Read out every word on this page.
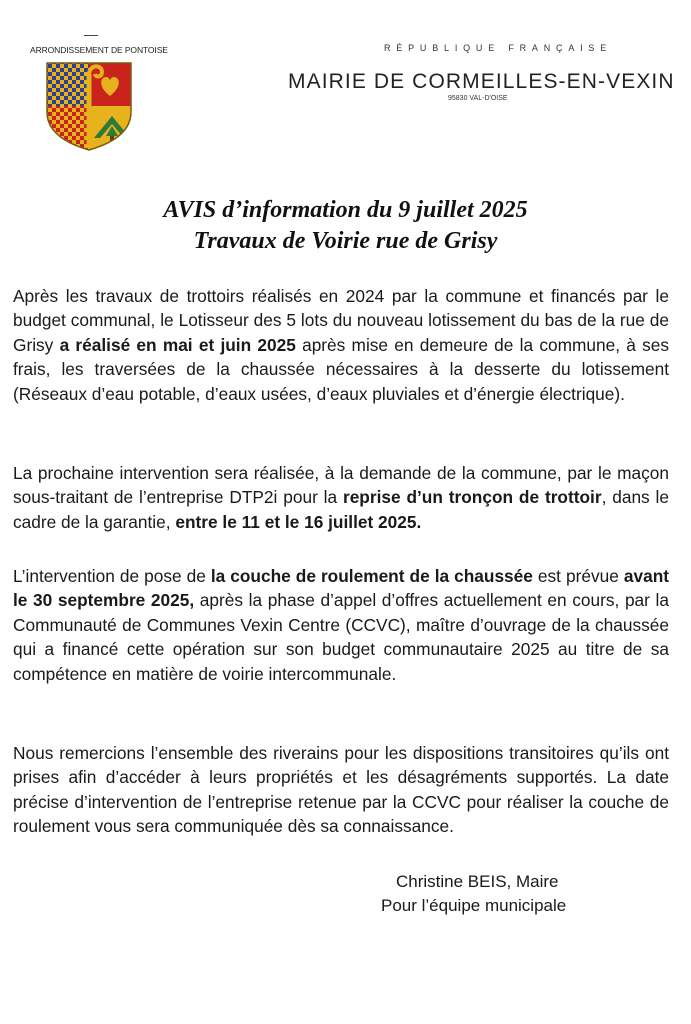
ARRONDISSEMENT DE PONTOISE	RÉPUBLIQUE FRANÇAISE
MAIRIE DE CORMEILLES-EN-VEXIN
95830 VAL-D'OISE
AVIS d’information du 9 juillet 2025
Travaux de Voirie rue de Grisy
Après les travaux de trottoirs réalisés en 2024 par la commune et financés par le budget communal, le Lotisseur des 5 lots du nouveau lotissement du bas de la rue de Grisy a réalisé en mai et juin 2025 après mise en demeure de la commune, à ses frais, les traversées de la chaussée nécessaires à la desserte du lotissement (Réseaux d’eau potable, d’eaux usées, d’eaux pluviales et d’énergie électrique).
La prochaine intervention sera réalisée, à la demande de la commune, par le maçon sous-traitant de l’entreprise DTP2i pour la reprise d’un tronçon de trottoir, dans le cadre de la garantie, entre le 11 et le 16 juillet 2025.
L’intervention de pose de la couche de roulement de la chaussée est prévue avant le 30 septembre 2025, après la phase d’appel d’offres actuellement en cours, par la Communauté de Communes Vexin Centre (CCVC), maître d’ouvrage de la chaussée qui a financé cette opération sur son budget communautaire 2025 au titre de sa compétence en matière de voirie intercommunale.
Nous remercions l’ensemble des riverains pour les dispositions transitoires qu’ils ont prises afin d’accéder à leurs propriétés et les désagréments supportés. La date précise d’intervention de l’entreprise retenue par la CCVC pour réaliser la couche de roulement vous sera communiquée dès sa connaissance.
Christine BEIS, Maire
Pour l’équipe municipale
